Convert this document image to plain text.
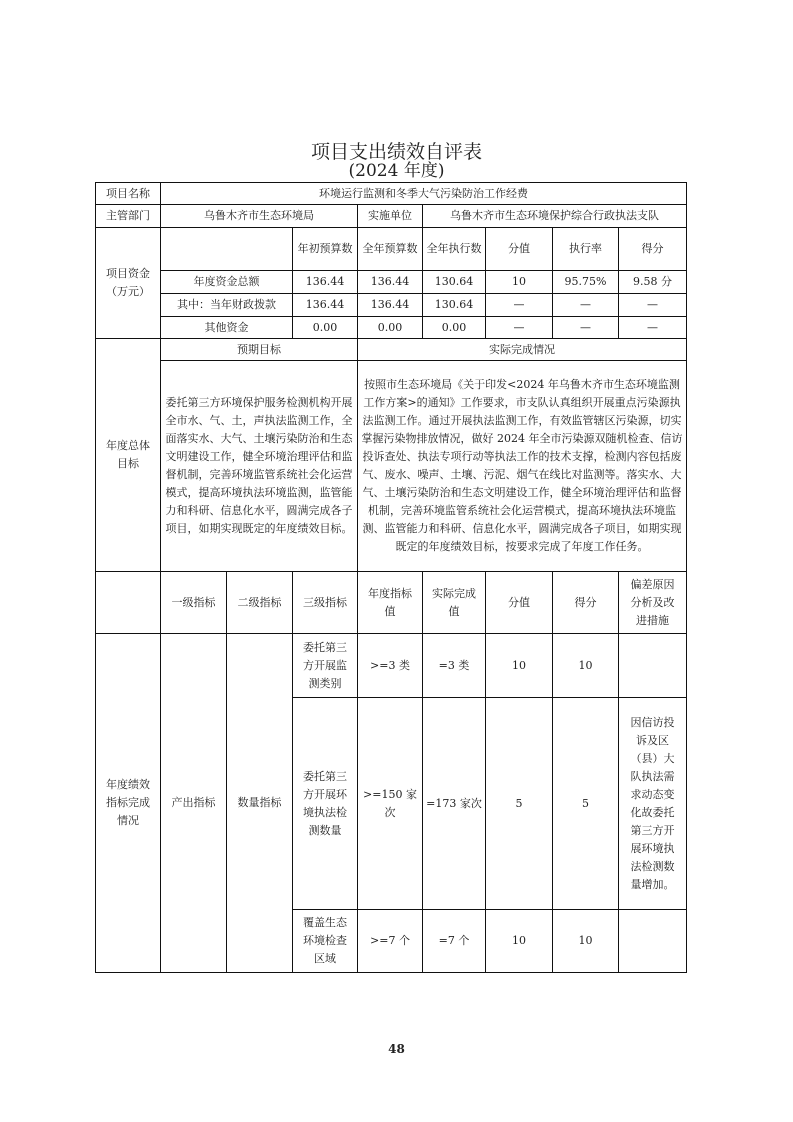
项目支出绩效自评表
(2024 年度)
项目名称	环境运行监测和冬季大气污染防治工作经费							
主管部门	乌鲁木齐市生态环境局			实施单位	乌鲁木齐市生态环境保护综合行政执法支队			

项目资金
（万元）			年初预算数	全年预算数	全年执行数	分值	执行率	得分
	年度资金总额		136.44	136.44	130.64	10	95.75%	9.58 分
	其中：当年财政拨款		136.44	136.44	130.64	—	—	—
	其他资金		0.00	0.00	0.00	—	—	—
年度总体目标	预期目标			实际完成情况				
	委托第三方环境保护服务检测机构开展全市水、气、土，声执法监测工作，全面落实水、大气、土壤污染防治和生态文明建设工作，健全环境治理评估和监督机制，完善环境监管系统社会化运营模式，提高环境执法环境监测，监管能力和科研、信息化水平，圆满完成各子项目，如期实现既定的年度绩效目标。			按照市生态环境局《关于印发<2024 年乌鲁木齐市生态环境监测工作方案>的通知》工作要求，市支队认真组织开展重点污染源执法监测工作。通过开展执法监测工作，有效监管辖区污染源，切实掌握污染物排放情况，做好 2024 年全市污染源双随机检查、信访投诉查处、执法专项行动等执法工作的技术支撑，检测内容包括废气、废水、噪声、土壤、污泥、烟气在线比对监测等。落实水、大气、土壤污染防治和生态文明建设工作，健全环境治理评估和监督机制，完善环境监管系统社会化运营模式，提高环境执法环境监测、监管能力和科研、信息化水平，圆满完成各子项目，如期实现既定的年度绩效目标，按要求完成了年度工作任务。				
	一级指标	二级指标	三级指标	年度指标值	实际完成值	分值	得分	偏差原因分析及改进措施
年度绩效指标完成情况	产出指标	数量指标	委托第三方开展监测类别	>=3 类	=3 类	10	10	
			委托第三方开展环境执法检测数量	>=150 家次	=173 家次	5	5	因信访投诉及区（县）大队执法需求动态变化故委托第三方开展环境执法检测数量增加。
			覆盖生态环境检查区域	>=7 个	=7 个	10	10	
48
